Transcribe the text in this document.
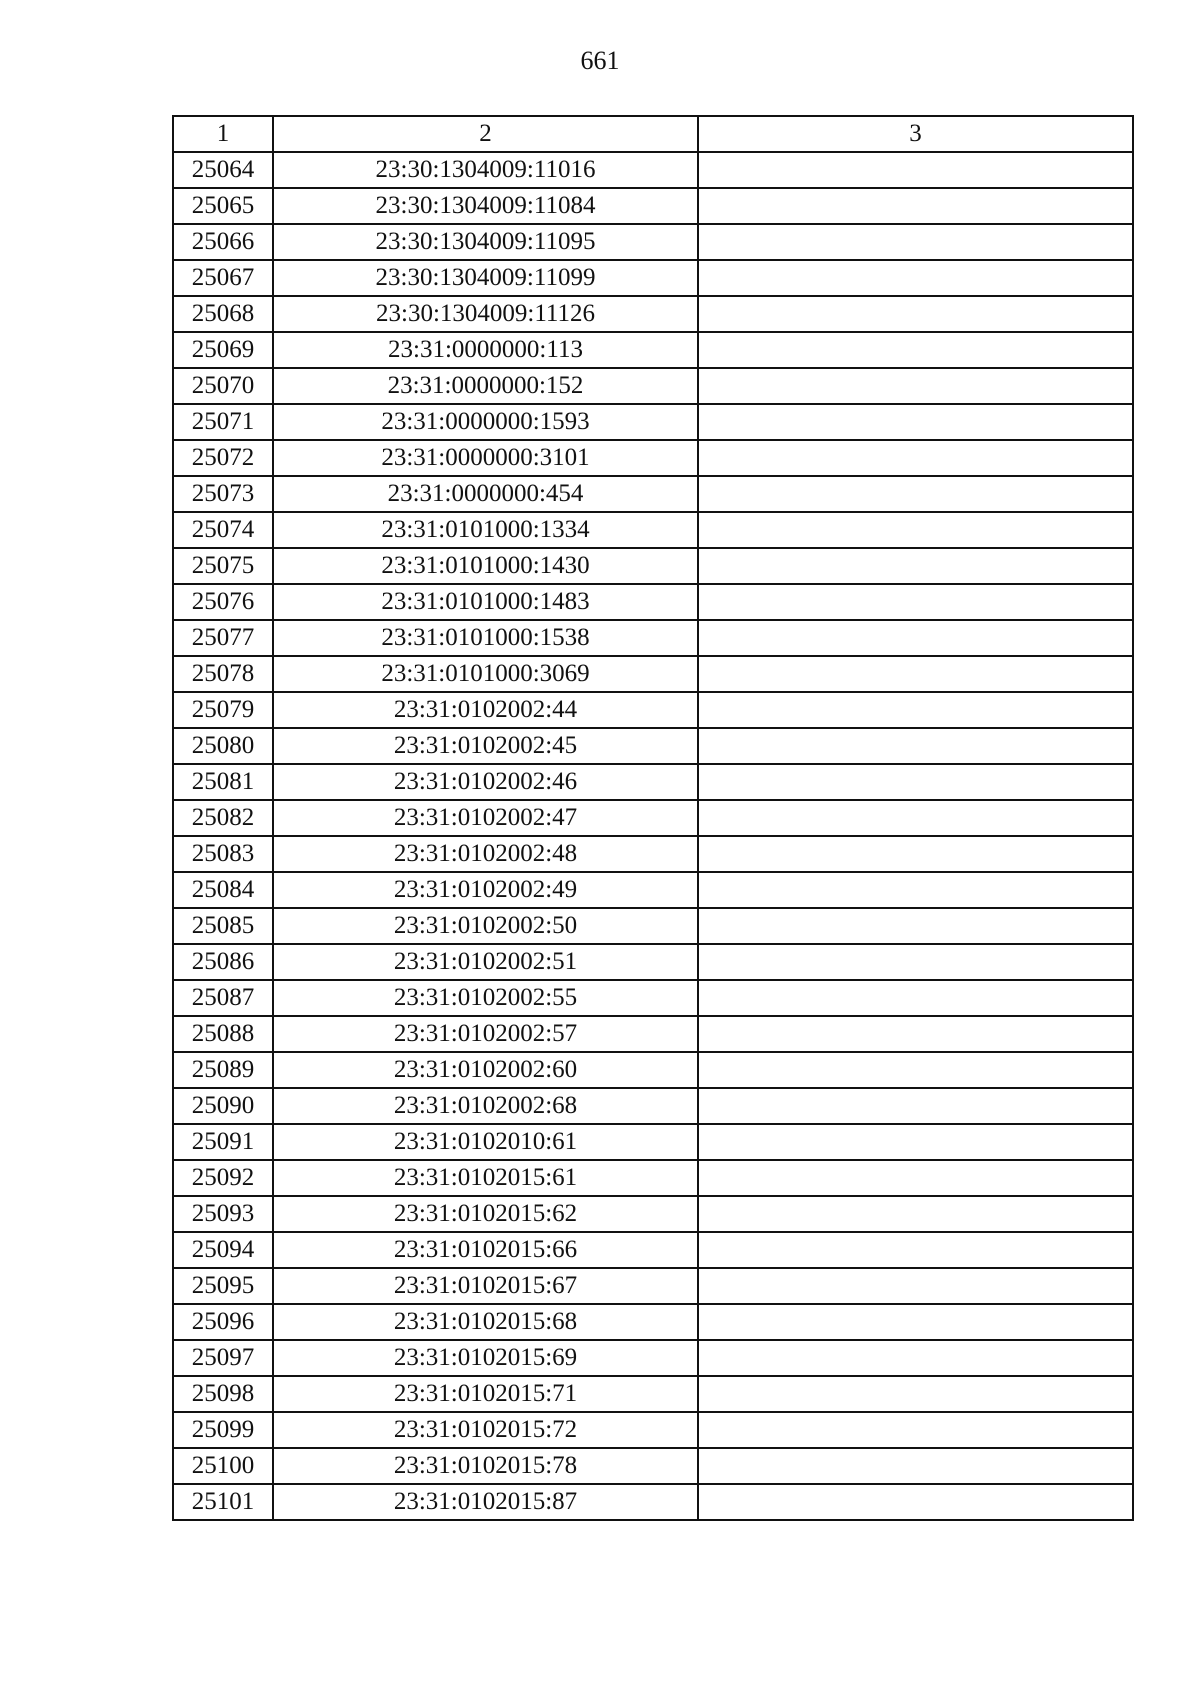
661
1	2	3
25064	23:30:1304009:11016	
25065	23:30:1304009:11084	
25066	23:30:1304009:11095	
25067	23:30:1304009:11099	
25068	23:30:1304009:11126	
25069	23:31:0000000:113	
25070	23:31:0000000:152	
25071	23:31:0000000:1593	
25072	23:31:0000000:3101	
25073	23:31:0000000:454	
25074	23:31:0101000:1334	
25075	23:31:0101000:1430	
25076	23:31:0101000:1483	
25077	23:31:0101000:1538	
25078	23:31:0101000:3069	
25079	23:31:0102002:44	
25080	23:31:0102002:45	
25081	23:31:0102002:46	
25082	23:31:0102002:47	
25083	23:31:0102002:48	
25084	23:31:0102002:49	
25085	23:31:0102002:50	
25086	23:31:0102002:51	
25087	23:31:0102002:55	
25088	23:31:0102002:57	
25089	23:31:0102002:60	
25090	23:31:0102002:68	
25091	23:31:0102010:61	
25092	23:31:0102015:61	
25093	23:31:0102015:62	
25094	23:31:0102015:66	
25095	23:31:0102015:67	
25096	23:31:0102015:68	
25097	23:31:0102015:69	
25098	23:31:0102015:71	
25099	23:31:0102015:72	
25100	23:31:0102015:78	
25101	23:31:0102015:87	
